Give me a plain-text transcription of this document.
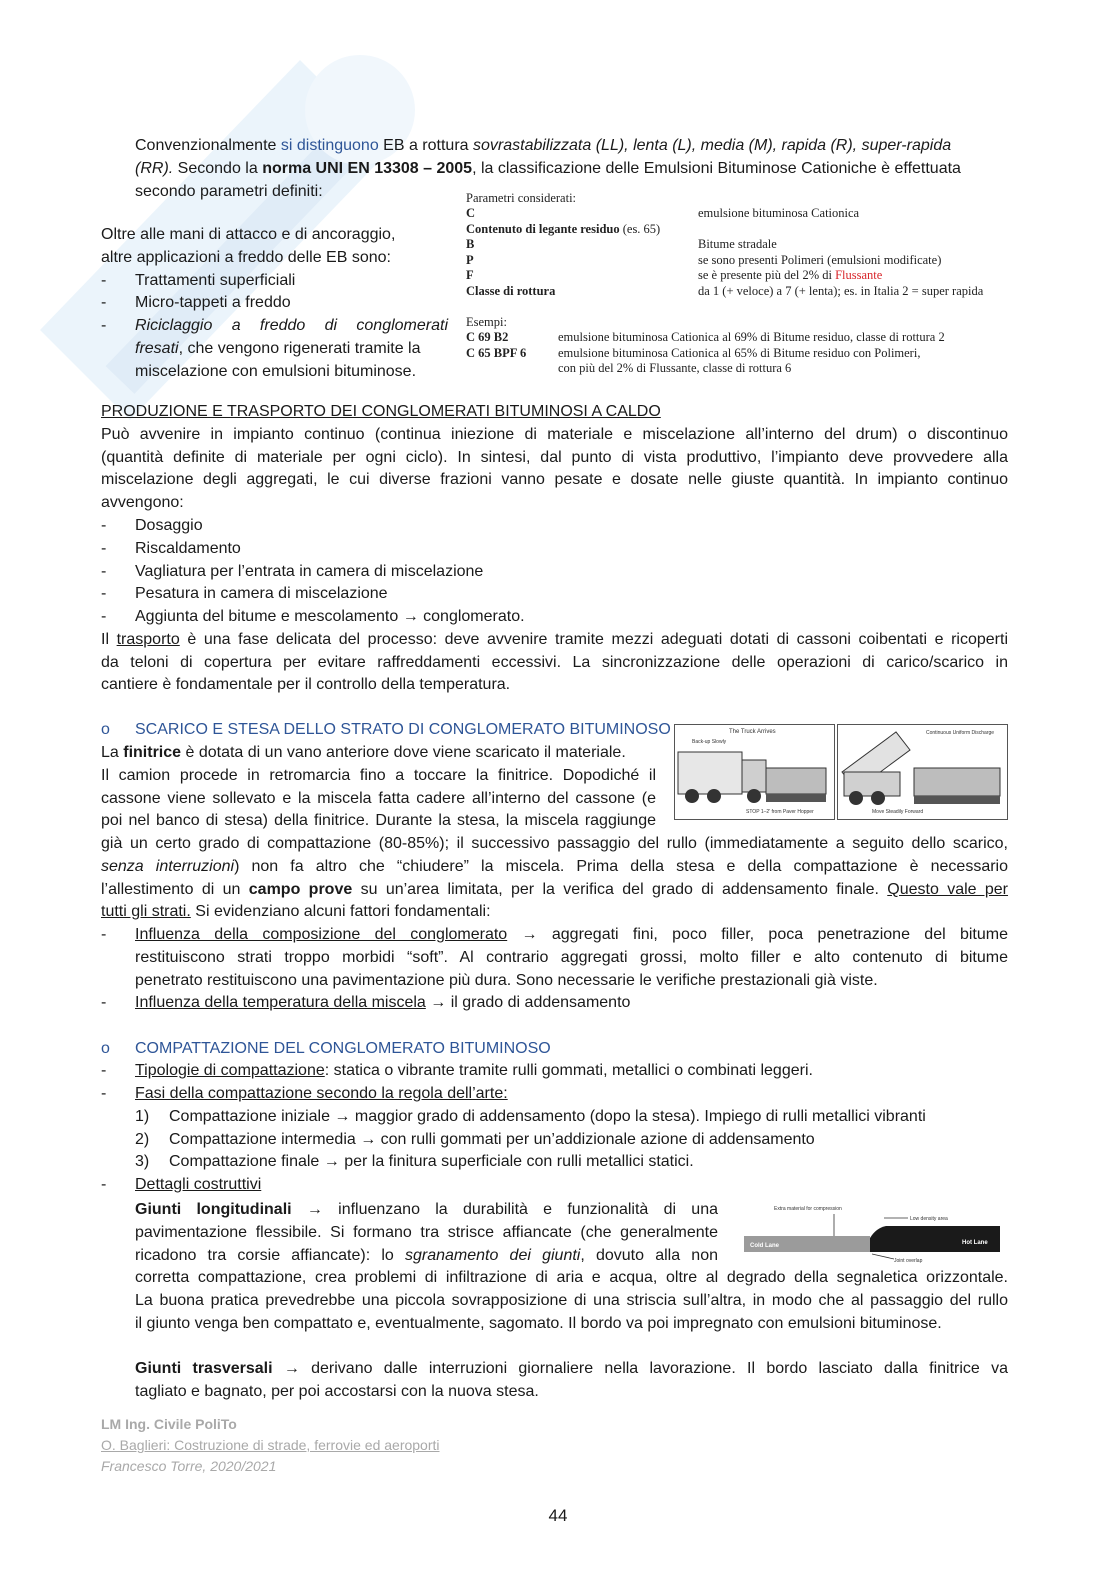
Convenzionalmente si distinguono EB a rottura sovrastabilizzata (LL), lenta (L), media (M), rapida (R), super-rapida
(RR). Secondo la norma UNI EN 13308 – 2005, la classificazione delle Emulsioni Bituminose Cationiche è effettuata
secondo parametri definiti:
Oltre alle mani di attacco e di ancoraggio,
altre applicazioni a freddo delle EB sono:
-	Trattamenti superficiali
-	Micro-tappeti a freddo
-	Riciclaggio a freddo di conglomerati
fresati, che vengono rigenerati tramite la
miscelazione con emulsioni bituminose.
Parametri considerati:
C	emulsione bituminosa Cationica
Contenuto di legante residuo (es. 65)
B	Bitume stradale
P	se sono presenti Polimeri (emulsioni modificate)
F	se è presente più del 2% di Flussante
Classe di rottura	da 1 (+ veloce) a 7 (+ lenta); es. in Italia 2 = super rapida
Esempi:
C 69 B2	emulsione bituminosa Cationica al 69% di Bitume residuo, classe di rottura 2
C 65 BPF 6	emulsione bituminosa Cationica al 65% di Bitume residuo con Polimeri,
con più del 2% di Flussante, classe di rottura 6
PRODUZIONE E TRASPORTO DEI CONGLOMERATI BITUMINOSI A CALDO
Può avvenire in impianto continuo (continua iniezione di materiale e miscelazione all’interno del drum) o discontinuo
(quantità definite di materiale per ogni ciclo). In sintesi, dal punto di vista produttivo, l’impianto deve provvedere alla
miscelazione degli aggregati, le cui diverse frazioni vanno pesate e dosate nelle giuste quantità. In impianto continuo
avvengono:
-	Dosaggio
-	Riscaldamento
-	Vagliatura per l’entrata in camera di miscelazione
-	Pesatura in camera di miscelazione
-	Aggiunta del bitume e mescolamento → conglomerato.
Il trasporto è una fase delicata del processo: deve avvenire tramite mezzi adeguati dotati di cassoni coibentati e ricoperti
da teloni di copertura per evitare raffreddamenti eccessivi. La sincronizzazione delle operazioni di carico/scarico in
cantiere è fondamentale per il controllo della temperatura.
o SCARICO E STESA DELLO STRATO DI CONGLOMERATO BITUMINOSO
La finitrice è dotata di un vano anteriore dove viene scaricato il materiale.
Il camion procede in retromarcia fino a toccare la finitrice. Dopodiché il
cassone viene sollevato e la miscela fatta cadere all’interno del cassone (e
poi nel banco di stesa) della finitrice. Durante la stesa, la miscela raggiunge
già un certo grado di compattazione (80-85%); il successivo passaggio del rullo (immediatamente a seguito dello scarico,
senza interruzioni) non fa altro che “chiudere” la miscela. Prima della stesa e della compattazione è necessario
l’allestimento di un campo prove su un’area limitata, per la verifica del grado di addensamento finale. Questo vale per
tutti gli strati. Si evidenziano alcuni fattori fondamentali:
-	Influenza della composizione del conglomerato → aggregati fini, poco filler, poca penetrazione del bitume
restituiscono strati troppo morbidi “soft”. Al contrario aggregati grossi, molto filler e alto contenuto di bitume
penetrato restituiscono una pavimentazione più dura. Sono necessarie le verifiche prestazionali già viste.
-	Influenza della temperatura della miscela → il grado di addensamento
The Truck Arrives
Back-up Slowly
STOP 1–2' from Paver Hopper
Continuous Uniform Discharge
Move Steadily Forward
o COMPATTAZIONE DEL CONGLOMERATO BITUMINOSO
-	Tipologie di compattazione: statica o vibrante tramite rulli gommati, metallici o combinati leggeri.
-	Fasi della compattazione secondo la regola dell’arte:
1) Compattazione iniziale → maggior grado di addensamento (dopo la stesa). Impiego di rulli metallici vibranti
2) Compattazione intermedia → con rulli gommati per un’addizionale azione di addensamento
3) Compattazione finale → per la finitura superficiale con rulli metallici statici.
-	Dettagli costruttivi
Giunti longitudinali → influenzano la durabilità e funzionalità di una
pavimentazione flessibile. Si formano tra strisce affiancate (che generalmente
ricadono tra corsie affiancate): lo sgranamento dei giunti, dovuto alla non
corretta compattazione, crea problemi di infiltrazione di aria e acqua, oltre al degrado della segnaletica orizzontale.
La buona pratica prevedrebbe una piccola sovrapposizione di una striscia sull’altra, in modo che al passaggio del rullo
il giunto venga ben compattato e, eventualmente, sagomato. Il bordo va poi impregnato con emulsioni bituminose.
Extra material for compression
Low density area
Cold Lane	Hot Lane
Joint overlap
Giunti trasversali → derivano dalle interruzioni giornaliere nella lavorazione. Il bordo lasciato dalla finitrice va
tagliato e bagnato, per poi accostarsi con la nuova stesa.
LM Ing. Civile PoliTo
O. Baglieri: Costruzione di strade, ferrovie ed aeroporti
Francesco Torre, 2020/2021
44
